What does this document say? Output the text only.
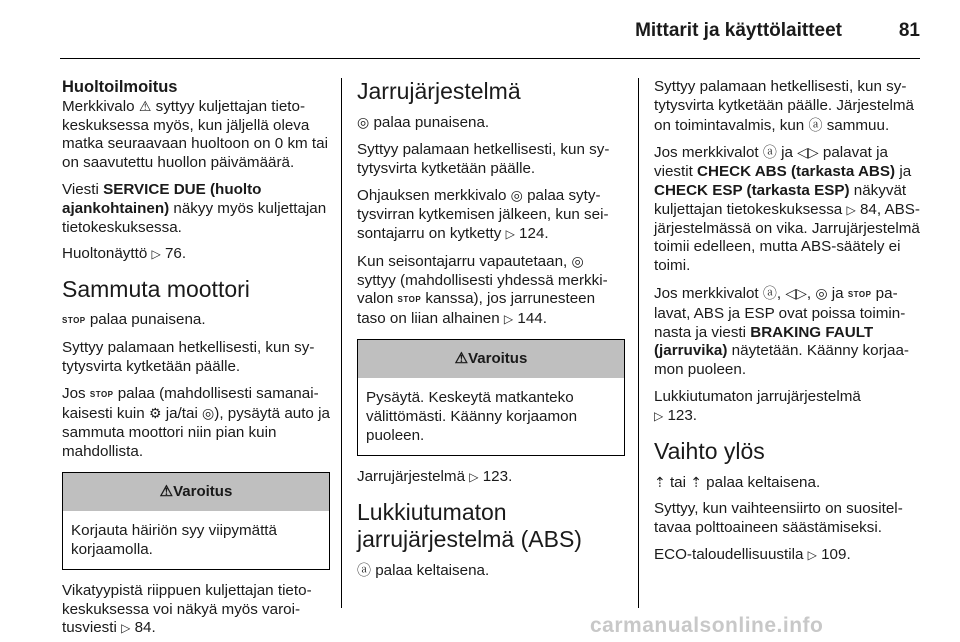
Mittarit ja käyttölaitteet	81

Huoltoilmoitus

Merkkivalo ⚠ syttyy kuljettajan tietokeskuksessa myös, kun jäljellä oleva matka seuraavaan huoltoon on 0 km tai on saavutettu huollon päivämäärä.

Viesti SERVICE DUE (huolto ajankohtainen) näkyy myös kuljettajan tietokeskuksessa.

Huoltonäyttö ▷ 76.

Sammuta moottori

STOP palaa punaisena.

Syttyy palamaan hetkellisesti, kun sytytysvirta kytketään päälle.

Jos STOP palaa (mahdollisesti samanaikaisesti kuin ⚙ ja/tai ◎), pysäytä auto ja sammuta moottori niin pian kuin mahdollista.

⚠Varoitus
Korjauta häiriön syy viipymättä korjaamolla.

Vikatyypistä riippuen kuljettajan tietokeskuksessa voi näkyä myös varoitusviesti ▷ 84.

Jarrujärjestelmä

◎ palaa punaisena.

Syttyy palamaan hetkellisesti, kun sytytysvirta kytketään päälle.

Ohjauksen merkkivalo ◎ palaa sytytysvirran kytkemisen jälkeen, kun seisontajarru on kytketty ▷ 124.

Kun seisontajarru vapautetaan, ◎ syttyy (mahdollisesti yhdessä merkkivalon STOP kanssa), jos jarrunesteen taso on liian alhainen ▷ 144.

⚠Varoitus
Pysäytä. Keskeytä matkanteko välittömästi. Käänny korjaamon puoleen.

Jarrujärjestelmä ▷ 123.

Lukkiutumaton jarrujärjestelmä (ABS)

ⓐ palaa keltaisena.

Syttyy palamaan hetkellisesti, kun sytytysvirta kytketään päälle. Järjestelmä on toimintavalmis, kun ⓐ sammuu.

Jos merkkivalot ⓐ ja ◁▷ palavat ja viestit CHECK ABS (tarkasta ABS) ja CHECK ESP (tarkasta ESP) näkyvät kuljettajan tietokeskuksessa ▷ 84, ABS-järjestelmässä on vika. Jarrujärjestelmä toimii edelleen, mutta ABS-säätely ei toimi.

Jos merkkivalot ⓐ, ◁▷, ◎ ja STOP palavat, ABS ja ESP ovat poissa toiminnasta ja viesti BRAKING FAULT (jarruvika) näytetään. Käänny korjaamon puoleen.

Lukkiutumaton jarrujärjestelmä

▷ 123.

Vaihto ylös

⇡ tai ⇡ palaa keltaisena.

Syttyy, kun vaihteensiirto on suositeltavaa polttoaineen säästämiseksi.

ECO-taloudellisuustila ▷ 109.

carmanualsonline.info
